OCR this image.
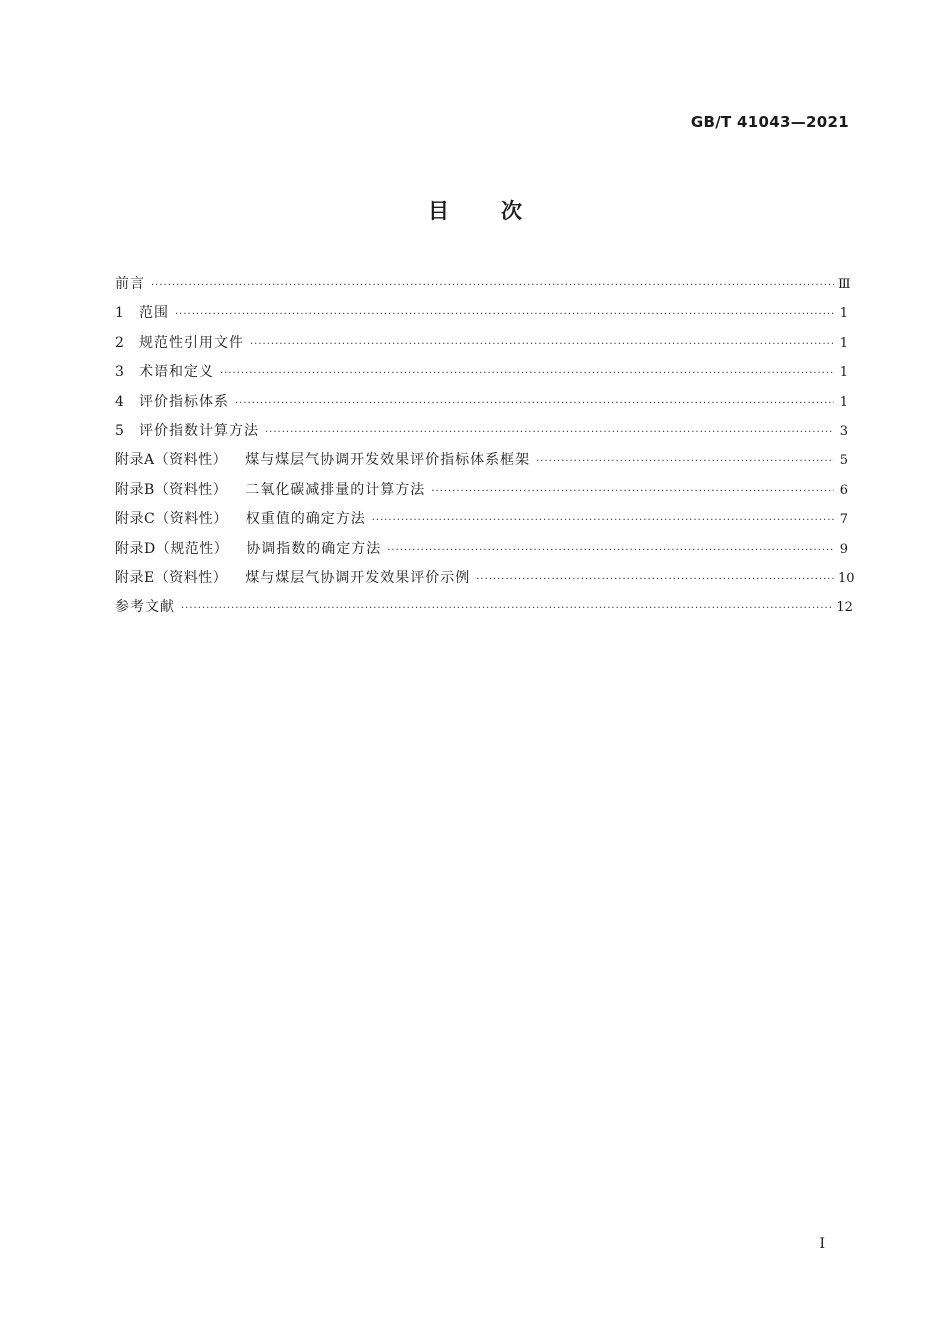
GB/T 41043—2021
目次
前言 ·····	Ⅲ
1 范围 ·····	1
2 规范性引用文件 ·····	1
3 术语和定义 ·····	1
4 评价指标体系 ·····	1
5 评价指数计算方法 ·····	3
附录A（资料性） 煤与煤层气协调开发效果评价指标体系框架 ·····	5
附录B（资料性） 二氧化碳减排量的计算方法 ·····	6
附录C（资料性） 权重值的确定方法 ·····	7
附录D（规范性） 协调指数的确定方法 ·····	9
附录E（资料性） 煤与煤层气协调开发效果评价示例 ·····	10
参考文献 ·····	12
I
